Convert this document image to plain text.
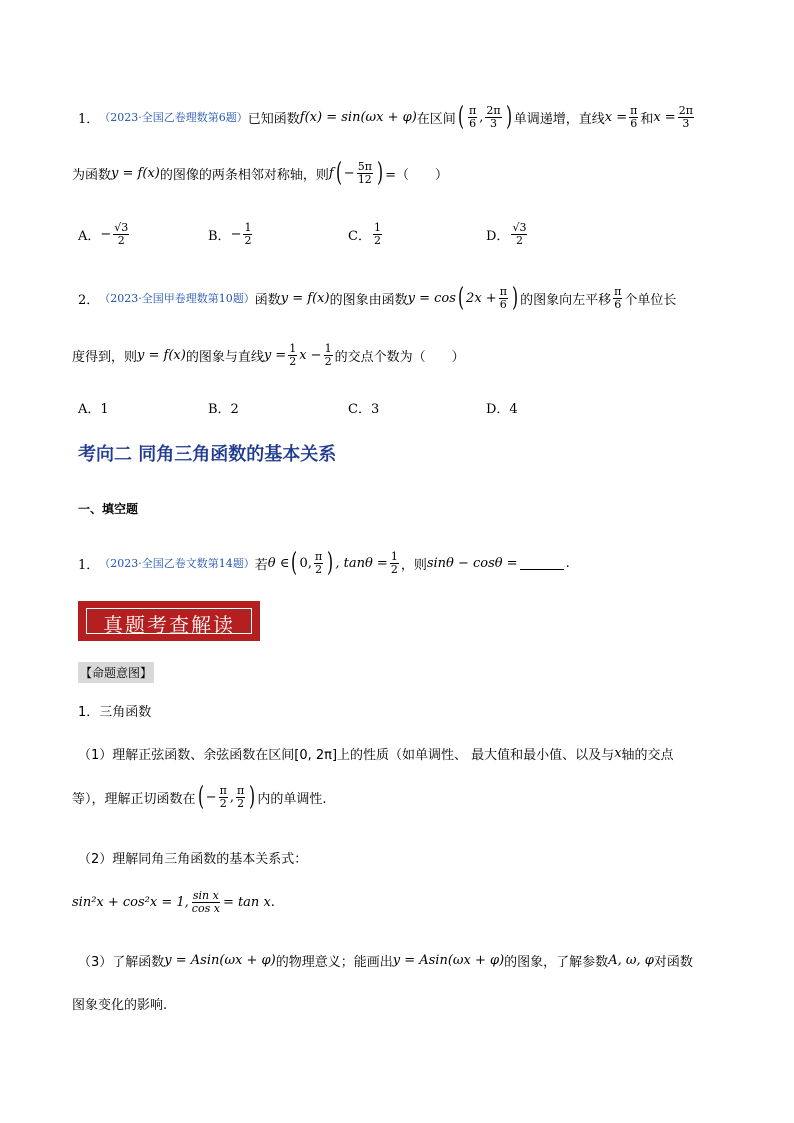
1． （2023·全国乙卷理数第6题） 已知函数 f(x) = sin(ωx + φ) 在区间 ( $\frac{\pi}{6}$ , $\frac{2\pi}{3}$ ) 单调递增，直线 $x = \frac{\pi}{6}$ 和 $x = \frac{2\pi}{3}$
为函数 y = f(x) 的图像的两条相邻对称轴，则 f ( − $\frac{5\pi}{12}$ ) =（　　）
A． − $\frac{√3}{2}$	B． − $\frac{1}{2}$	C． $\frac{1}{2}$	D． $\frac{√3}{2}$
2． （2023·全国甲卷理数第10题） 函数 y = f(x) 的图象由函数 y = cos ( $2x + \frac{\pi}{6}$ ) 的图象向左平移 $\frac{\pi}{6}$ 个单位长
度得到，则 y = f(x) 的图象与直线 $y = \frac{1}{2}$ $x - \frac{1}{2}$ 的交点个数为（　　）
A．1	B．2	C．3	D．4
考向二 同角三角函数的基本关系
一、填空题
1． （2023·全国乙卷文数第14题） 若 θ ∈ ( 0, $\frac{\pi}{2}$ ) , $\tan\theta = \frac{1}{2}$ ，则 sinθ − cosθ =	.
真题考查解读
【命题意图】
1．三角函数
（1）理解正弦函数、余弦函数在区间[0, 2π]上的性质（如单调性、 最大值和最小值、以及与 x 轴的交点
等），理解正切函数在 ( − $\frac{\pi}{2}$ , $\frac{\pi}{2}$ ) 内的单调性.
（2）理解同角三角函数的基本关系式：
sin²x + cos²x = 1, $\frac{\text{sin x}}{\text{cos x}} = \tan x$.
（3）了解函数 y = Asin(ωx + φ) 的物理意义；能画出 y = Asin(ωx + φ) 的图象，了解参数 A, ω, φ 对函数
图象变化的影响.
